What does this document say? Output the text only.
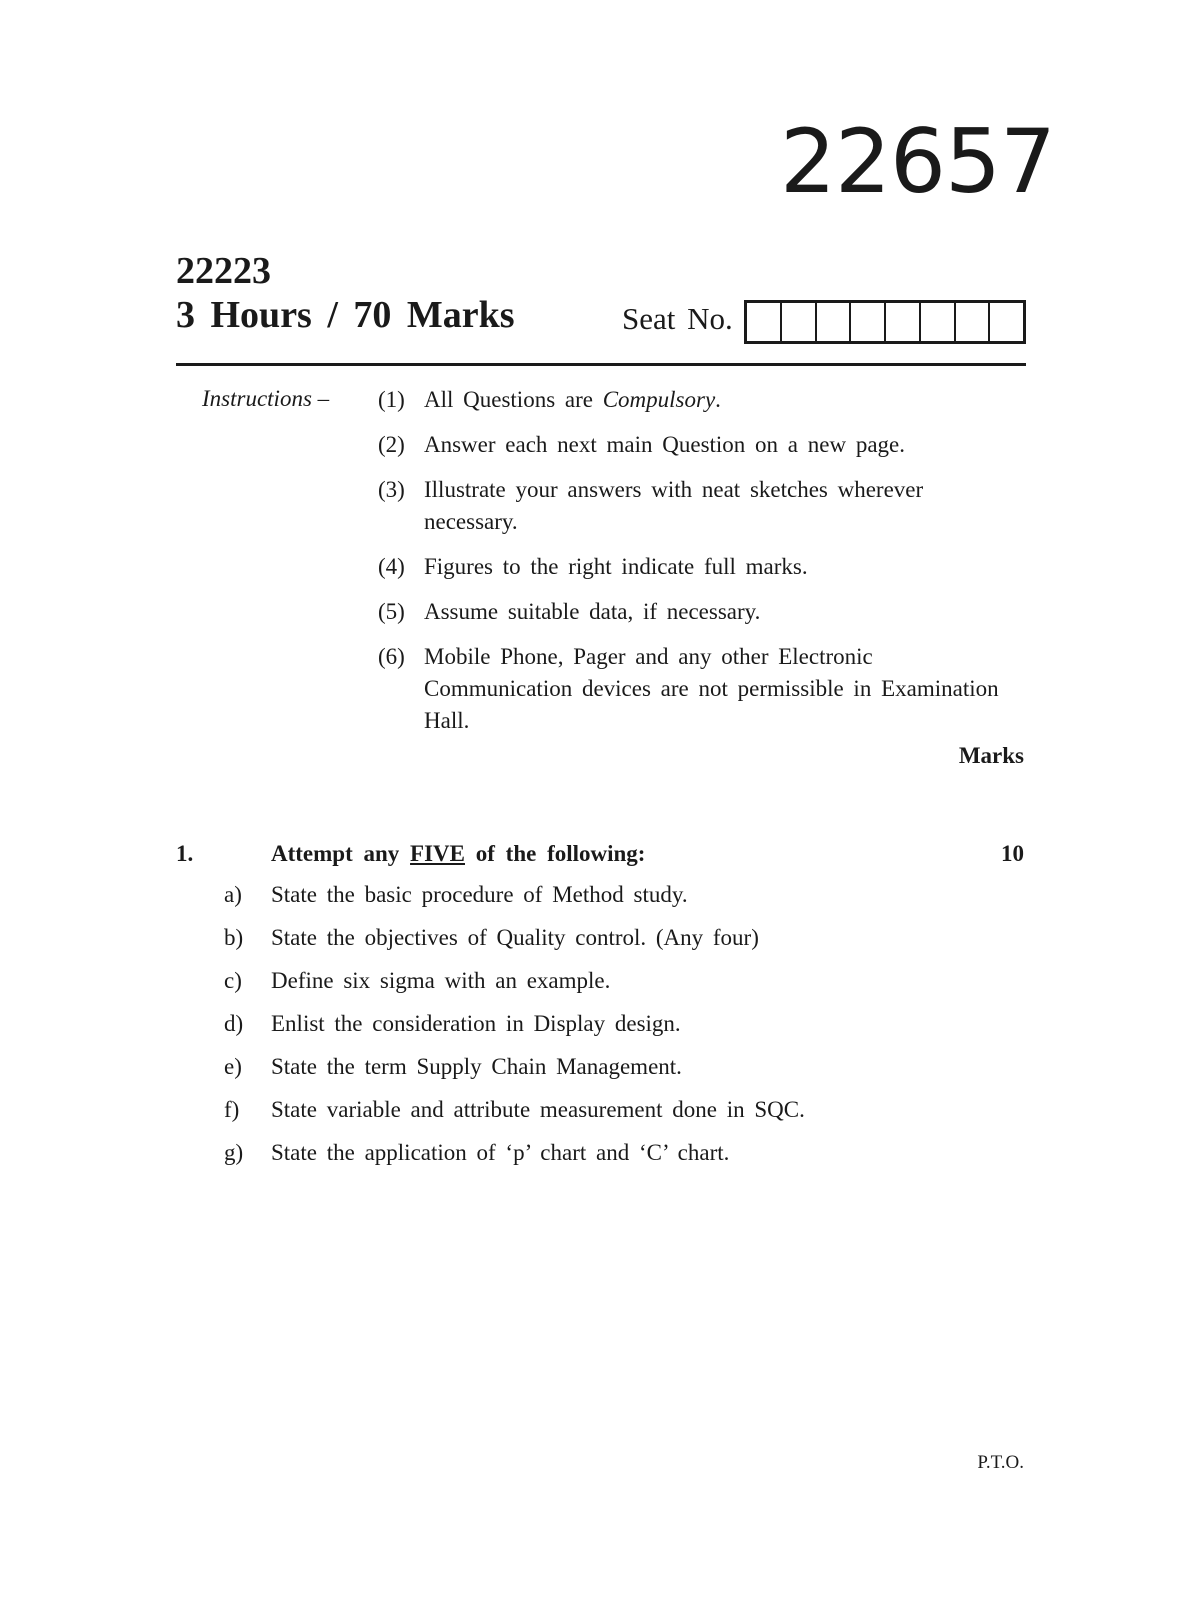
22657
22223
3 Hours / 70 Marks	Seat No.
Instructions – (1) All Questions are Compulsory.
(2) Answer each next main Question on a new page.
(3) Illustrate your answers with neat sketches wherever necessary.
(4) Figures to the right indicate full marks.
(5) Assume suitable data, if necessary.
(6) Mobile Phone, Pager and any other Electronic Communication devices are not permissible in Examination Hall.
Marks
1.	Attempt any FIVE of the following:	10
a)	State the basic procedure of Method study.
b)	State the objectives of Quality control. (Any four)
c)	Define six sigma with an example.
d)	Enlist the consideration in Display design.
e)	State the term Supply Chain Management.
f)	State variable and attribute measurement done in SQC.
g)	State the application of ‘p’ chart and ‘C’ chart.
P.T.O.
